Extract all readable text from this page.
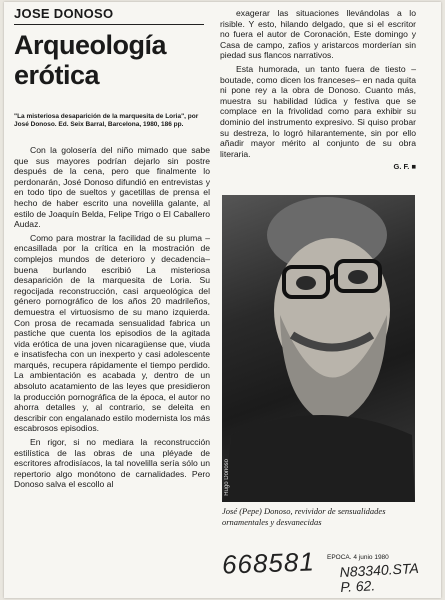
JOSE DONOSO
Arqueología
erótica
"La misteriosa desaparición de la marquesita de Loria", por José Donoso. Ed. Seix Barral, Barcelona, 1980, 186 pp.

Con la golosería del niño mimado que sabe que sus mayores podrían dejarlo sin postre después de la cena, pero que finalmente lo perdonarán, José Donoso difundió en entrevistas y en todo tipo de sueltos y gacetillas de prensa el hecho de haber escrito una novelilla galante, al estilo de Joaquín Belda, Felipe Trigo o El Caballero Audaz.

Como para mostrar la facilidad de su pluma –encasillada por la crítica en la mostración de complejos mundos de deterioro y decadencia– buena burlando escribió La misteriosa desaparición de la marquesita de Loria. Su regocijada reconstrucción, casi arqueológica del género pornográfico de los años 20 madrileños, demuestra el virtuosismo de su mano izquierda. Con prosa de recamada sensualidad fabrica un pastiche que cuenta los episodios de la agitada vida erótica de una joven nicaragüense que, viuda e insatisfecha con un inexperto y casi adolescente marqués, recupera rápidamente el tiempo perdido. La ambientación es acabada y, dentro de un absoluto acatamiento de las leyes que presidieron la producción pornográfica de la época, el autor no ahorra detalles y, al contrario, se deleita en describir con engalanado estilo modernista los más escabrosos episodios.

En rigor, si no mediara la reconstrucción estilística de las obras de una pléyade de escritores afrodisíacos, la tal novelilla sería sólo un repertorio algo monótono de carnalidades. Pero Donoso salva el escollo al

exagerar las situaciones llevándolas a lo risible. Y esto, hilando delgado, que si el escritor no fuera el autor de Coronación, Este domingo y Casa de campo, zafios y aristarcos morderían sin piedad sus flancos narrativos.

Esta humorada, un tanto fuera de tiesto –boutade, como dicen los franceses– en nada quita ni pone rey a la obra de Donoso. Cuanto más, muestra su habilidad lúdica y festiva que se complace en la frivolidad como para exhibir su dominio del instrumento expresivo. Si quiso probar su destreza, lo logró hilarantemente, sin por ello añadir mayor mérito al conjunto de su obra literaria.

G. F. ■
Hugo Donoso
José (Pepe) Donoso, revividor de sensualidades ornamentales y desvanecidas
668581 EPOCA. 4 junio 1980
N83340.STA
P. 62.
